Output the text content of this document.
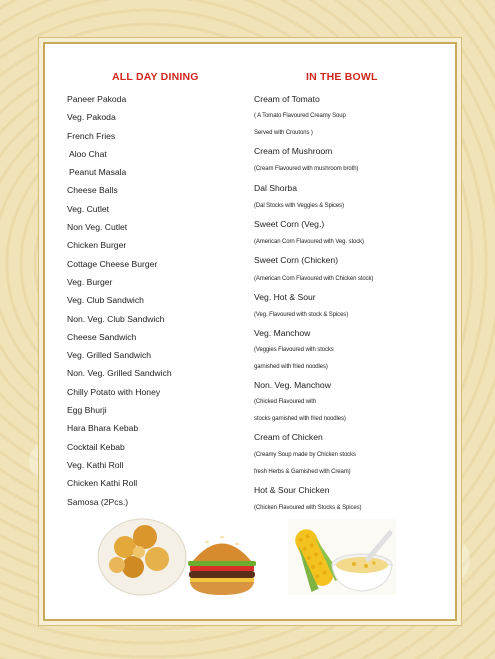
ALL DAY DINING
Paneer Pakoda
Veg. Pakoda
French Fries
Aloo Chat
Peanut Masala
Cheese Balls
Veg. Cutlet
Non Veg. Cutlet
Chicken Burger
Cottage Cheese Burger
Veg. Burger
Veg. Club Sandwich
Non. Veg. Club Sandwich
Cheese Sandwich
Veg. Grilled Sandwich
Non. Veg. Grilled Sandwich
Chilly Potato with Honey
Egg Bhurji
Hara Bhara Kebab
Cocktail Kebab
Veg. Kathi Roll
Chicken Kathi Roll
Samosa (2Pcs.)
IN THE BOWL
Cream of Tomato
( A Tomato Flavoured Creamy Soup
Served with Croutons )
Cream of Mushroom
(Cream Flavoured with mushroom broth)
Dal Shorba
(Dal Stocks with Veggies & Spices)
Sweet Corn (Veg.)
(American Corn Flavoured with Veg. stock)
Sweet Corn (Chicken)
(American Corn Flavoured with Chicken stock)
Veg. Hot & Sour
(Veg. Flavoured with stock & Spices)
Veg. Manchow
(Veggies Flavoured with stocks
garnished with fried noodles)
Non. Veg. Manchow
(Chicked Flavoured with
stocks garnished with fried noodles)
Cream of Chicken
(Creamy Soup made by Chicken stocks
fresh Herbs & Garnished with Cream)
Hot & Sour Chicken
(Chicken Flavoured with Stocks & Spices)
